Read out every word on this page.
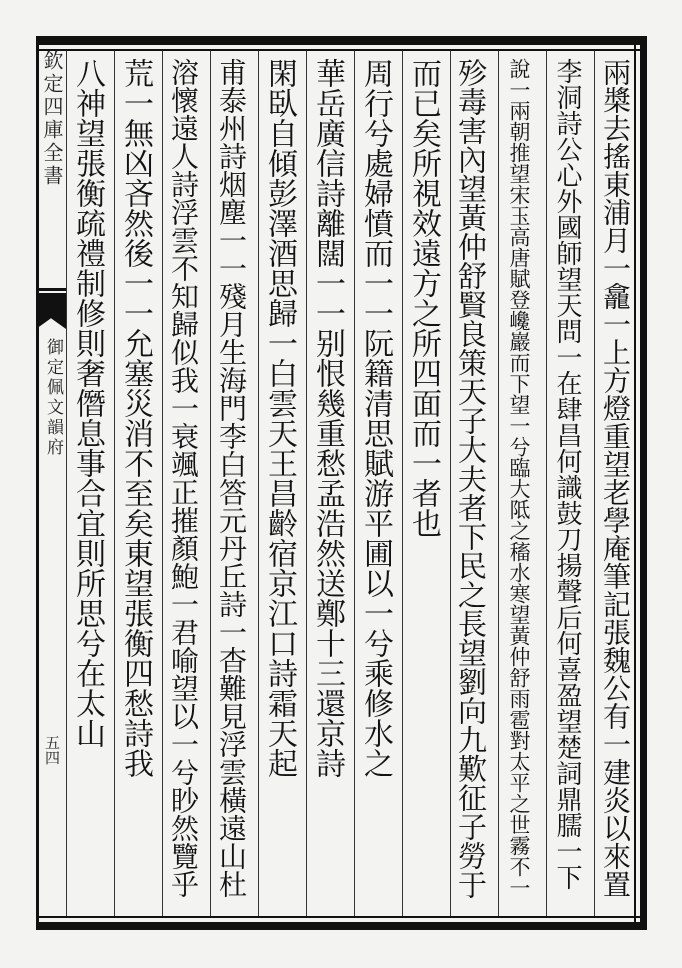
欽定四庫全書
御定佩文韻府
五四	兩槳去搖東浦月一龕一上方燈重望老學庵筆記張魏公有一建炎以來置
李洞詩公心外國師望天問一在肆昌何識鼓刀揚聲后何喜盈望楚詞鼎臑一下
說一兩朝推望宋玉高唐賦登巉巖而下望一兮臨大阺之稸水寒望黃仲舒雨雹對太平之世霧不一
殄毒害內望黃仲舒賢良策天子大夫者下民之長望劉向九歎征子勞于
而已矣所視效遠方之所四面而一者也
周行兮處婦憤而一一阮籍清思賦游平圃以一兮乘修水之
華岳廣信詩離闊一一别恨幾重愁孟浩然送鄭十三還京詩
閑臥自傾彭澤酒思歸一白雲天王昌齡宿京江口詩霜天起
甫泰州詩烟塵一一殘月生海門李白答元丹丘詩一杳難見浮雲橫遠山杜
溶懷遠人詩浮雲不知歸似我一衰颯正摧顏鮑一君喻望以一兮眇然覽乎
荒一無凶吝然後一一允塞災消不至矣東望張衡四愁詩我
八神望張衡疏禮制修則奢僭息事合宜則所思兮在太山
